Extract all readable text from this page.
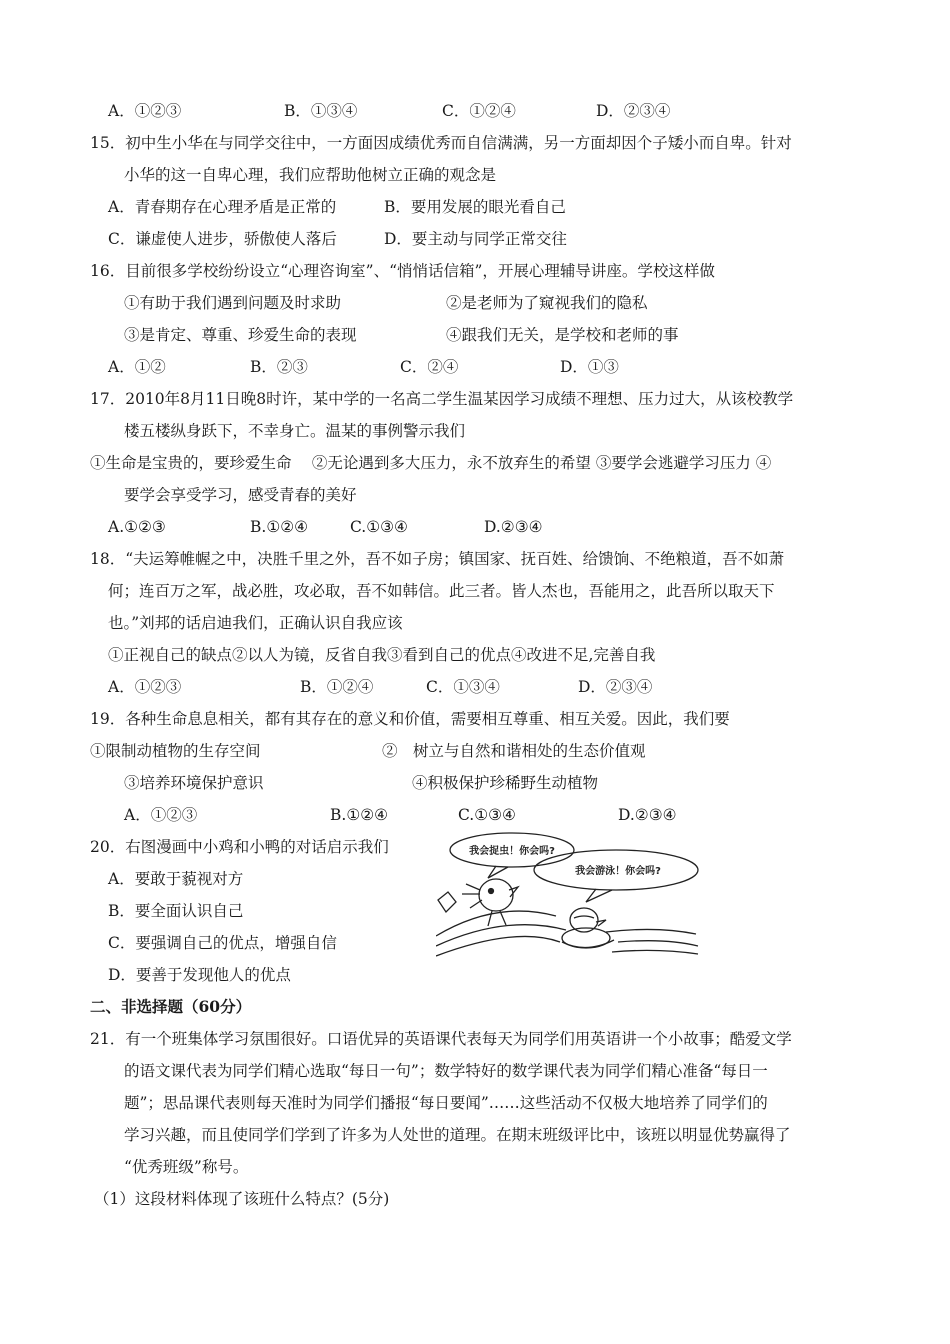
A．①②③	B．①③④	C．①②④	D．②③④
15．初中生小华在与同学交往中，一方面因成绩优秀而自信满满，另一方面却因个子矮小而自卑。针对
小华的这一自卑心理，我们应帮助他树立正确的观念是
A．青春期存在心理矛盾是正常的	B．要用发展的眼光看自己
C．谦虚使人进步，骄傲使人落后	D．要主动与同学正常交往
16．目前很多学校纷纷设立“心理咨询室”、“悄悄话信箱”，开展心理辅导讲座。学校这样做
①有助于我们遇到问题及时求助	②是老师为了窥视我们的隐私
③是肯定、尊重、珍爱生命的表现	④跟我们无关，是学校和老师的事
A．①②	B．②③	C．②④	D．①③
17．2010年8月11日晚8时许，某中学的一名高二学生温某因学习成绩不理想、压力过大，从该校教学
楼五楼纵身跃下，不幸身亡。温某的事例警示我们
①生命是宝贵的，要珍爱生命　 ②无论遇到多大压力，永不放弃生的希望 ③要学会逃避学习压力 ④
要学会享受学习，感受青春的美好
A.①②③	B.①②④	C.①③④	D.②③④
18．“夫运筹帷幄之中，决胜千里之外，吾不如子房；镇国家、抚百姓、给馈饷、不绝粮道，吾不如萧
何；连百万之军，战必胜，攻必取，吾不如韩信。此三者。皆人杰也，吾能用之，此吾所以取天下
也。”刘邦的话启迪我们，正确认识自我应该
①正视自己的缺点②以人为镜，反省自我③看到自己的优点④改进不足,完善自我
A．①②③	B．①②④	C．①③④	D．②③④
19．各种生命息息相关，都有其存在的意义和价值，需要相互尊重、相互关爱。因此，我们要
①限制动植物的生存空间	②　树立与自然和谐相处的生态价值观
③培养环境保护意识	④积极保护珍稀野生动植物
A．①②③	B.①②④	C.①③④	D.②③④
20．右图漫画中小鸡和小鸭的对话启示我们
A．要敢于藐视对方
B．要全面认识自己
C．要强调自己的优点，增强自信
D．要善于发现他人的优点
我会捉虫！你会吗?
我会游泳！你会吗?
二、非选择题（60分）
21．有一个班集体学习氛围很好。口语优异的英语课代表每天为同学们用英语讲一个小故事；酷爱文学
的语文课代表为同学们精心选取“每日一句”；数学特好的数学课代表为同学们精心准备“每日一
题”；思品课代表则每天准时为同学们播报“每日要闻”……这些活动不仅极大地培养了同学们的
学习兴趣，而且使同学们学到了许多为人处世的道理。在期末班级评比中，该班以明显优势赢得了
“优秀班级”称号。
（1）这段材料体现了该班什么特点？(5分)
